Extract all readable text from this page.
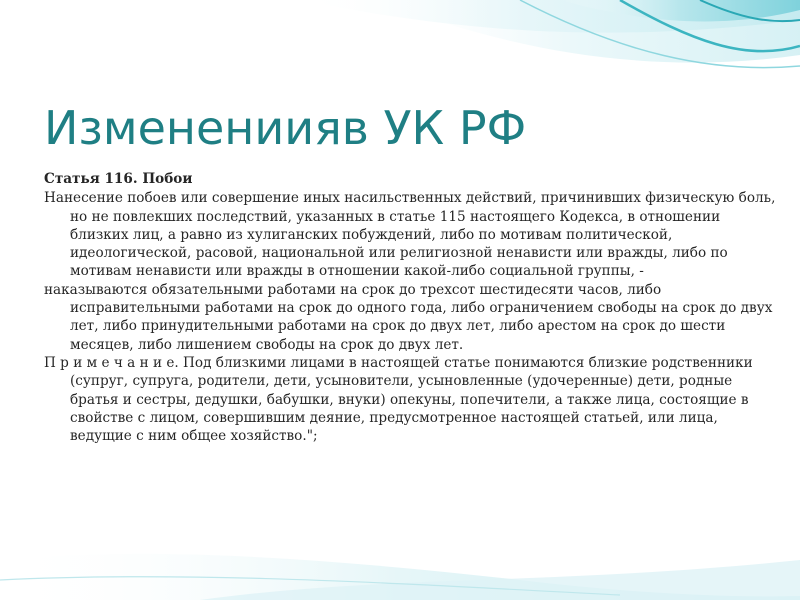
Изменениияв УК РФ

Статья 116. Побои

Нанесение побоев или совершение иных насильственных действий, причинивших физическую боль, но не повлекших последствий, указанных в статье 115 настоящего Кодекса, в отношении близких лиц, а равно из хулиганских побуждений, либо по мотивам политической, идеологической, расовой, национальной или религиозной ненависти или вражды, либо по мотивам ненависти или вражды в отношении какой-либо социальной группы, -

наказываются обязательными работами на срок до трехсот шестидесяти часов, либо исправительными работами на срок до одного года, либо ограничением свободы на срок до двух лет, либо принудительными работами на срок до двух лет, либо арестом на срок до шести месяцев, либо лишением свободы на срок до двух лет.

П р и м е ч а н и е. Под близкими лицами в настоящей статье понимаются близкие родственники (супруг, супруга, родители, дети, усыновители, усыновленные (удочеренные) дети, родные братья и сестры, дедушки, бабушки, внуки) опекуны, попечители, а также лица, состоящие в свойстве с лицом, совершившим деяние, предусмотренное настоящей статьей, или лица, ведущие с ним общее хозяйство.";
